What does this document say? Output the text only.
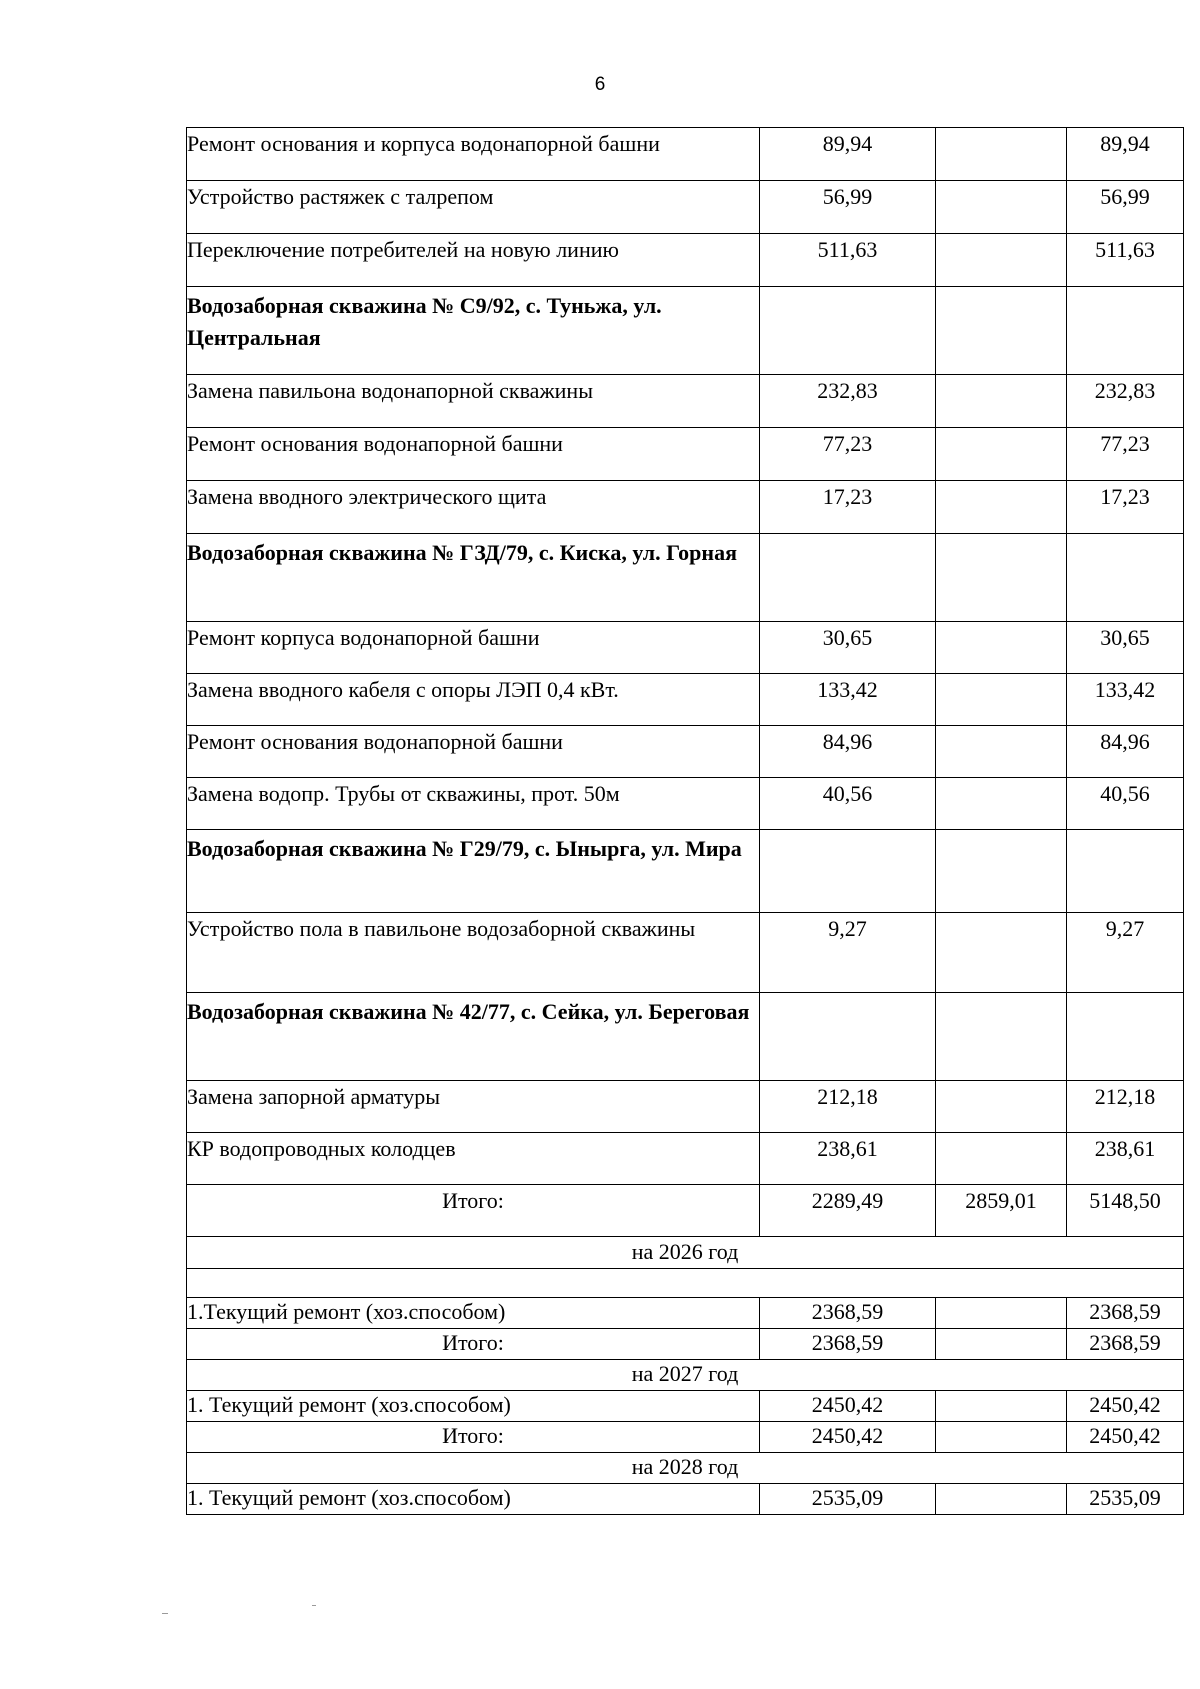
6
Ремонт основания и корпуса водонапорной башни	89,94		89,94
Устройство растяжек с талрепом	56,99		56,99
Переключение потребителей на новую линию	511,63		511,63
Водозаборная скважина № С9/92, с. Туньжа, ул. Центральная			
Замена павильона водонапорной скважины	232,83		232,83
Ремонт основания водонапорной башни	77,23		77,23
Замена вводного электрического щита	17,23		17,23
Водозаборная скважина № ГЗД/79, с. Киска, ул. Горная			
Ремонт корпуса водонапорной башни	30,65		30,65
Замена вводного кабеля с опоры ЛЭП 0,4 кВт.	133,42		133,42
Ремонт основания водонапорной башни	84,96		84,96
Замена водопр. Трубы от скважины, прот. 50м	40,56		40,56
Водозаборная скважина № Г29/79, с. Ыныргa, ул. Мира			
Устройство пола в павильоне водозаборной скважины	9,27		9,27
Водозаборная скважина № 42/77, с. Сейка, ул. Береговая			
Замена запорной арматуры	212,18		212,18
КР водопроводных колодцев	238,61		238,61
Итого:	2289,49	2859,01	5148,50
на 2026 год			

1.Текущий ремонт (хоз.способом)	2368,59		2368,59
Итого:	2368,59		2368,59
на 2027 год			
1. Текущий ремонт (хоз.способом)	2450,42		2450,42
Итого:	2450,42		2450,42
на 2028 год			
1. Текущий ремонт (хоз.способом)	2535,09		2535,09
